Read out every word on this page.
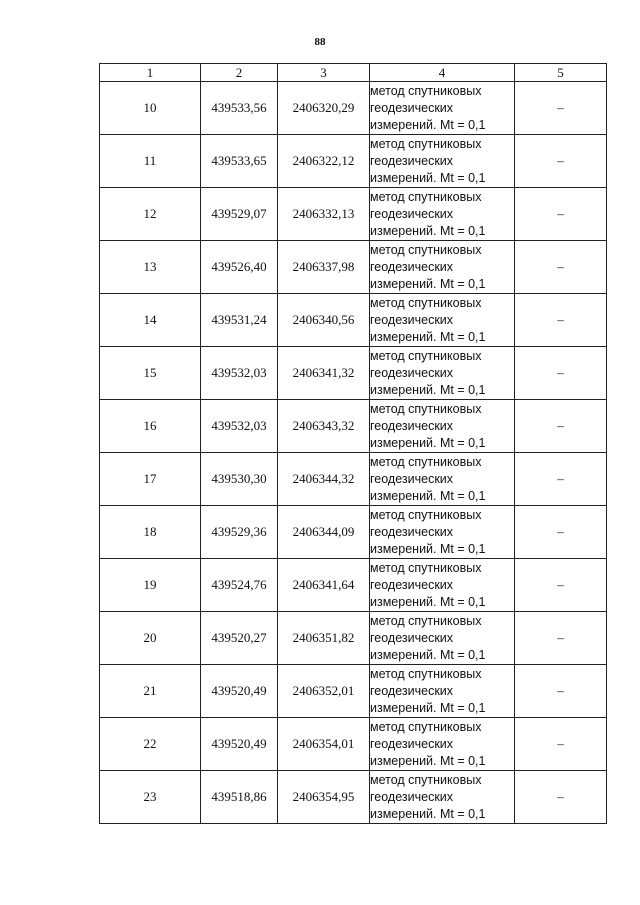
88
1	2	3	4	5
10	439533,56	2406320,29	метод спутниковых
геодезических
измерений. Mt = 0,1	–
11	439533,65	2406322,12	метод спутниковых
геодезических
измерений. Mt = 0,1	–
12	439529,07	2406332,13	метод спутниковых
геодезических
измерений. Mt = 0,1	–
13	439526,40	2406337,98	метод спутниковых
геодезических
измерений. Mt = 0,1	–
14	439531,24	2406340,56	метод спутниковых
геодезических
измерений. Mt = 0,1	–
15	439532,03	2406341,32	метод спутниковых
геодезических
измерений. Mt = 0,1	–
16	439532,03	2406343,32	метод спутниковых
геодезических
измерений. Mt = 0,1	–
17	439530,30	2406344,32	метод спутниковых
геодезических
измерений. Mt = 0,1	–
18	439529,36	2406344,09	метод спутниковых
геодезических
измерений. Mt = 0,1	–
19	439524,76	2406341,64	метод спутниковых
геодезических
измерений. Mt = 0,1	–
20	439520,27	2406351,82	метод спутниковых
геодезических
измерений. Mt = 0,1	–
21	439520,49	2406352,01	метод спутниковых
геодезических
измерений. Mt = 0,1	–
22	439520,49	2406354,01	метод спутниковых
геодезических
измерений. Mt = 0,1	–
23	439518,86	2406354,95	метод спутниковых
геодезических
измерений. Mt = 0,1	–
